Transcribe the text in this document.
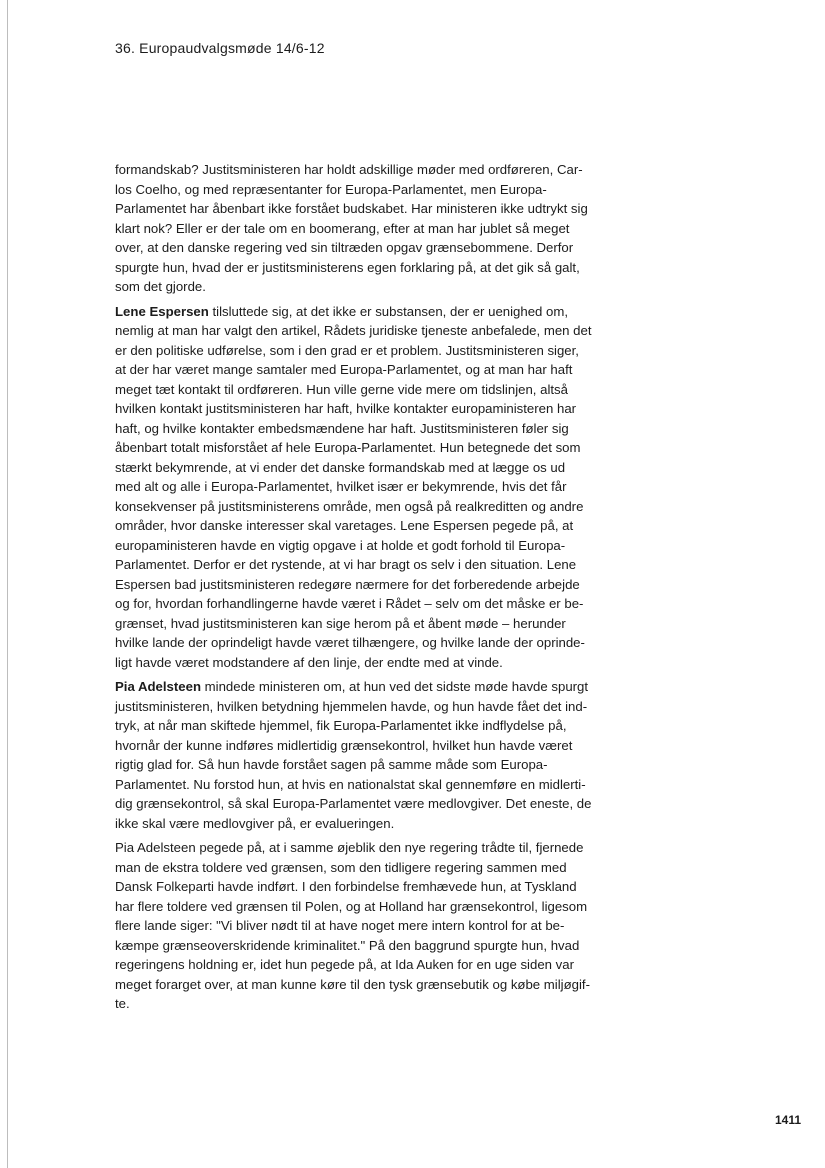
36. Europaudvalgsmøde 14/6-12
formandskab? Justitsministeren har holdt adskillige møder med ordføreren, Car-
los Coelho, og med repræsentanter for Europa-Parlamentet, men Europa-
Parlamentet har åbenbart ikke forstået budskabet. Har ministeren ikke udtrykt sig
klart nok? Eller er der tale om en boomerang, efter at man har jublet så meget
over, at den danske regering ved sin tiltræden opgav grænsebommene. Derfor
spurgte hun, hvad der er justitsministerens egen forklaring på, at det gik så galt,
som det gjorde.
Lene Espersen tilsluttede sig, at det ikke er substansen, der er uenighed om,
nemlig at man har valgt den artikel, Rådets juridiske tjeneste anbefalede, men det
er den politiske udførelse, som i den grad er et problem. Justitsministeren siger,
at der har været mange samtaler med Europa-Parlamentet, og at man har haft
meget tæt kontakt til ordføreren. Hun ville gerne vide mere om tidslinjen, altså
hvilken kontakt justitsministeren har haft, hvilke kontakter europaministeren har
haft, og hvilke kontakter embedsmændene har haft. Justitsministeren føler sig
åbenbart totalt misforstået af hele Europa-Parlamentet. Hun betegnede det som
stærkt bekymrende, at vi ender det danske formandskab med at lægge os ud
med alt og alle i Europa-Parlamentet, hvilket især er bekymrende, hvis det får
konsekvenser på justitsministerens område, men også på realkreditten og andre
områder, hvor danske interesser skal varetages. Lene Espersen pegede på, at
europaministeren havde en vigtig opgave i at holde et godt forhold til Europa-
Parlamentet. Derfor er det rystende, at vi har bragt os selv i den situation. Lene
Espersen bad justitsministeren redegøre nærmere for det forberedende arbejde
og for, hvordan forhandlingerne havde været i Rådet – selv om det måske er be-
grænset, hvad justitsministeren kan sige herom på et åbent møde – herunder
hvilke lande der oprindeligt havde været tilhængere, og hvilke lande der oprinde-
ligt havde været modstandere af den linje, der endte med at vinde.
Pia Adelsteen mindede ministeren om, at hun ved det sidste møde havde spurgt
justitsministeren, hvilken betydning hjemmelen havde, og hun havde fået det ind-
tryk, at når man skiftede hjemmel, fik Europa-Parlamentet ikke indflydelse på,
hvornår der kunne indføres midlertidig grænsekontrol, hvilket hun havde været
rigtig glad for. Så hun havde forstået sagen på samme måde som Europa-
Parlamentet. Nu forstod hun, at hvis en nationalstat skal gennemføre en midlerti-
dig grænsekontrol, så skal Europa-Parlamentet være medlovgiver. Det eneste, de
ikke skal være medlovgiver på, er evalueringen.
Pia Adelsteen pegede på, at i samme øjeblik den nye regering trådte til, fjernede
man de ekstra toldere ved grænsen, som den tidligere regering sammen med
Dansk Folkeparti havde indført. I den forbindelse fremhævede hun, at Tyskland
har flere toldere ved grænsen til Polen, og at Holland har grænsekontrol, ligesom
flere lande siger: "Vi bliver nødt til at have noget mere intern kontrol for at be-
kæmpe grænseoverskridende kriminalitet." På den baggrund spurgte hun, hvad
regeringens holdning er, idet hun pegede på, at Ida Auken for en uge siden var
meget forarget over, at man kunne køre til den tysk grænsebutik og købe miljøgif-
te.
1411
